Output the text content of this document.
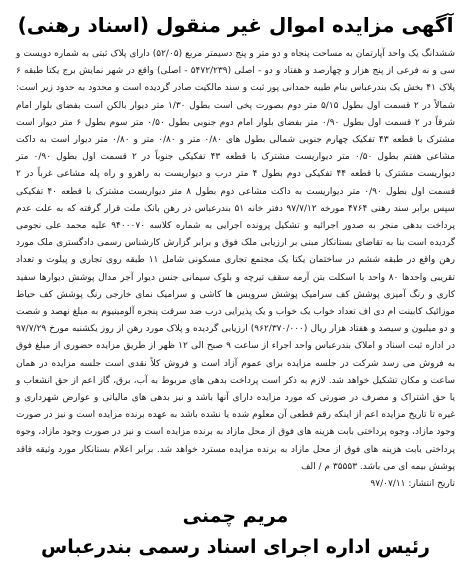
آگهی مزایده اموال غیر منقول (اسناد رهنی)

ششدانگ یک واحد آپارتمان به مساحت پنجاه و دو متر و پنج دسیمتر مربع (۵۲/۰۵) دارای پلاک ثبتی به شماره دویست و سی و نه فرعی از پنج هزار و چهارصد و هفتاد و دو - اصلی (۵۴۷۲/۲۳۹ - اصلی) واقع در شهر نمایش برج یکتا طبقه ۶ پلاک ۴۱ بخش یک بندرعباس بنام طیبه حمدانی پور ثبت و سند مالکیت صادر گردیده است و محدود به حدود زیر است: شمالاً در ۲ قسمت اول بطول ۵/۱۵ متر دوم بصورت پخی است بطول ۱/۳۰ متر دیوار بالکن است بفضای بلوار امام شرقاً در ۲ قسمت اول بطول ۰/۹۰ متر بفضای بلوار امام دوم جنوبی بطول ۰/۵۰ متر سوم بطول ۶ متر دیوار است مشترک با قطعه ۴۳ تفکیک چهارم جنوبی شمالی بطول های ۰/۸۰ متر و ۰/۸۰ متر و ۰/۸۰ متر دیوار است به داکت مشاعی هفتم بطول ۰/۵۰ متر دیواریست مشترک با قطعه ۴۳ تفکیکی جنوباً در ۲ قسمت اول بطول ۰/۹۰ متر دیواریست مشترک با قطعه ۴۴ تفکیکی دوم بطول ۴ متر درب و دیواریست به راهرو و راه پله مشاعی غرباً در ۲ قسمت اول بطول ۰/۹۰ متر دیواریست به داکت مشاعی دوم بطول ۸ متر دیواریست مشترک با قطعه ۴۰ تفکیکی سپس برابر سند رهنی ۴۷۶۴ مورخه ۹۷/۷/۱۲ دفتر خانه ۵۱ بندرعباس در رهن بانک ملت قرار گرفته که به علت عدم پرداخت بدهی منجر به صدور اجرائیه و تشکیل پرونده اجرایی به شماره کلاسه ۹۴۰۰۰۷۰ علیه محمد علی نجومی گردیده است بنا به تقاضای بستانکار مبنی بر ارزیابی ملک فوق و برابر گزارش کارشناس رسمی دادگستری ملک مورد رهن واقع در طبقه ششم در ساختمان یکتا یک مجتمع تجاری مسکونی شامل ۱۱ طبقه روی تجاری و پیلوت و تعداد تقریبی واحدها ۸۰ واحد با اسکلت بتن آرمه سقف تیرچه و بلوک سیمانی جنس دیوار آجر مدال پوشش دیوارها سفید کاری و رنگ آمیزی پوشش کف سرامیک پوشش سرویس ها کاشی و سرامیک نمای خارجی رنگ پوشش کف حیاط موزائیک کابینت ام دی اف تعداد خواب یک خواب و یک پذیرایی درب ضد سرقت پنجره آلومینیوم به مبلغ نهصد و شصت و دو میلیون و سیصد و هفتاد هزار ریال (۹۶۲/۳۷۰/۰۰۰) ارزیابی گردیده و پلاک مورد رهن از روز یکشنبه مورخ ۹۷/۷/۲۹ در اداره ثبت اسناد و املاک بندرعباس واحد اجراء از ساعت ۹ صبح الی ۱۲ ظهر از طریق مزایده حضوری از مبلغ فوق به فروش می رسد شرکت در جلسه مزایده برای عموم آزاد است و فروش کلاً نقدی است جلسه مزایده در همان ساعت و مکان تشکیل خواهد شد. لازم به ذکر است پرداخت بدهی های مربوط به آب، برق، گاز اعم از حق انشعاب و یا حق اشتراک و مصرف در صورتی که مورد مزایده دارای آنها باشد و نیز بدهی های مالیاتی و عوارض شهرداری و غیره تا تاریخ مزایده اعم از اینکه رقم قطعی آن معلوم شده یا نشده باشد به عهده برنده مزایده است و نیز در صورت وجود مازاد، وجوه پرداختی بابت هزینه های فوق از محل مازاد به برنده مزایده است و نیز در صورت وجود مازاد، وجوه پرداختی بابت هزینه های فوق از محل مازاد به برنده مزایده مسترد خواهد شد. برابر اعلام بستانکار مورد وثیقه فاقد پوشش بیمه ای می باشد. ۳۵۵۵۳ م / الف

تاریخ انتشار: ۹۷/۰۷/۱۱

مریم چمنی
رئیس اداره اجرای اسناد رسمی بندرعباس
